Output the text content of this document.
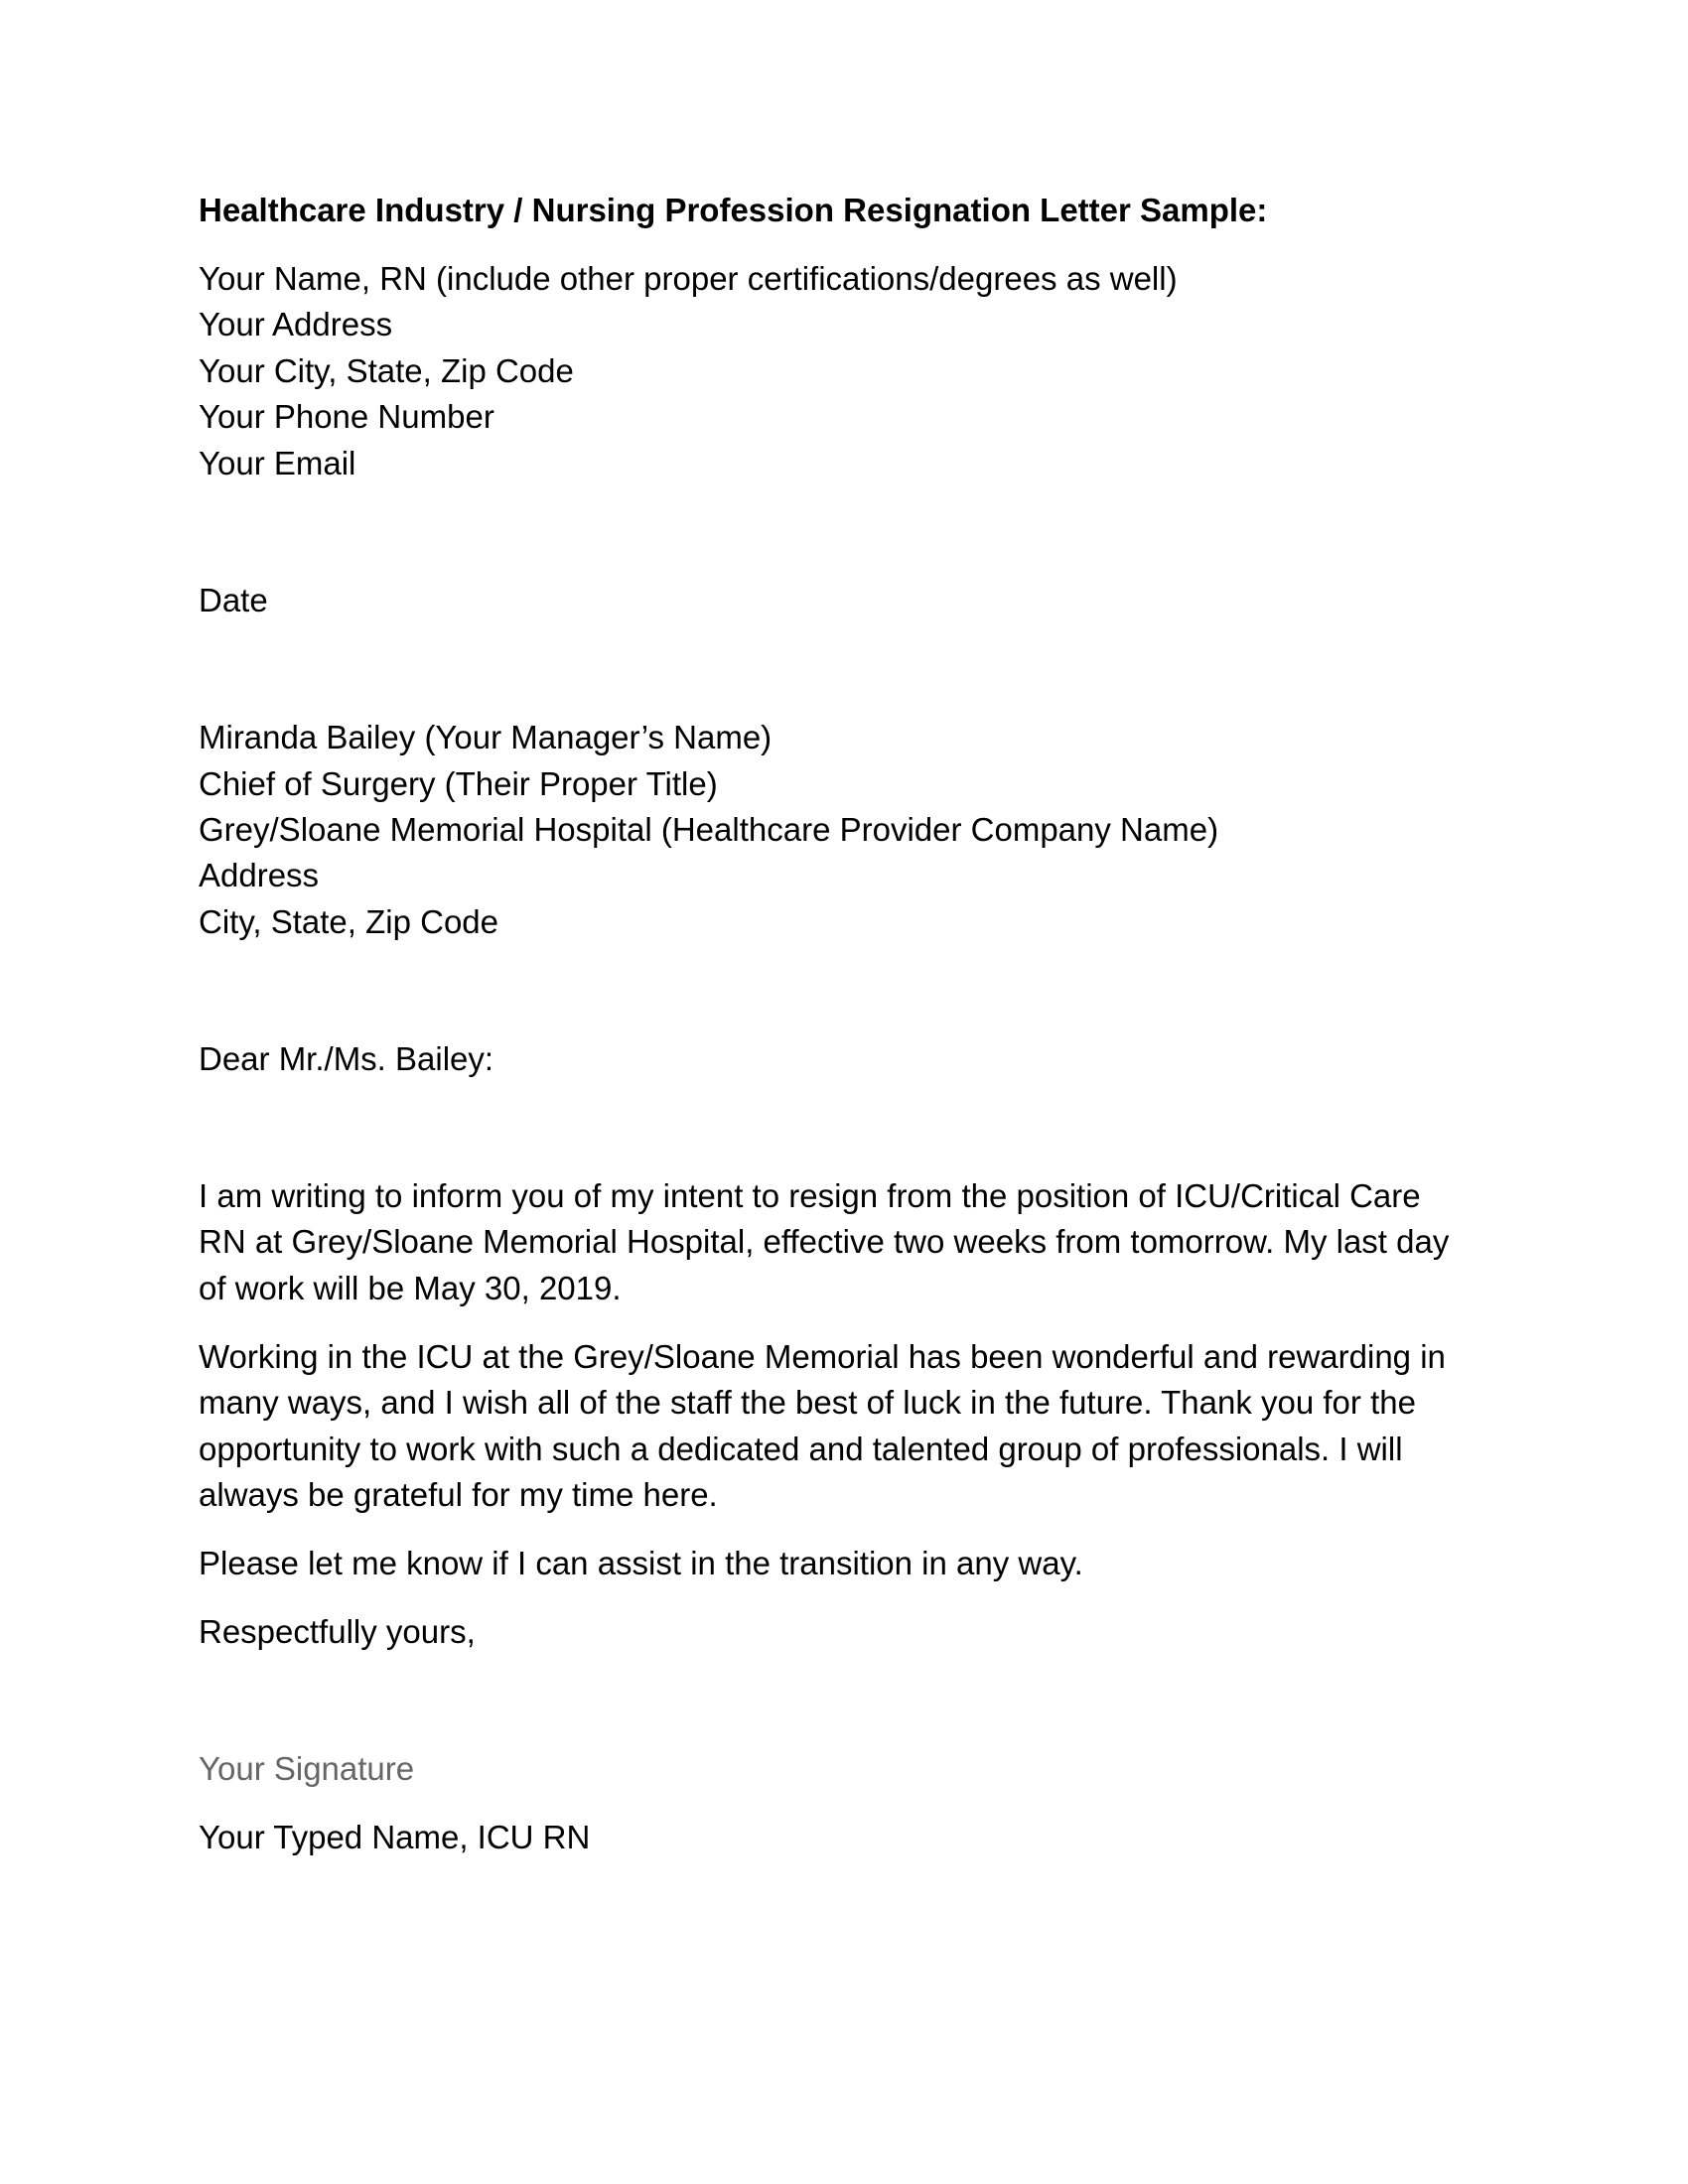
Healthcare Industry / Nursing Profession Resignation Letter Sample:

Your Name, RN (include other proper certifications/degrees as well)

Your Address

Your City, State, Zip Code

Your Phone Number

Your Email

Date

Miranda Bailey (Your Manager’s Name)

Chief of Surgery (Their Proper Title)

Grey/Sloane Memorial Hospital (Healthcare Provider Company Name)

Address

City, State, Zip Code

Dear Mr./Ms. Bailey:

I am writing to inform you of my intent to resign from the position of ICU/Critical Care

RN at Grey/Sloane Memorial Hospital, effective two weeks from tomorrow. My last day

of work will be May 30, 2019.

Working in the ICU at the Grey/Sloane Memorial has been wonderful and rewarding in

many ways, and I wish all of the staff the best of luck in the future. Thank you for the

opportunity to work with such a dedicated and talented group of professionals. I will

always be grateful for my time here.

Please let me know if I can assist in the transition in any way.

Respectfully yours,

Your Signature

Your Typed Name, ICU RN
